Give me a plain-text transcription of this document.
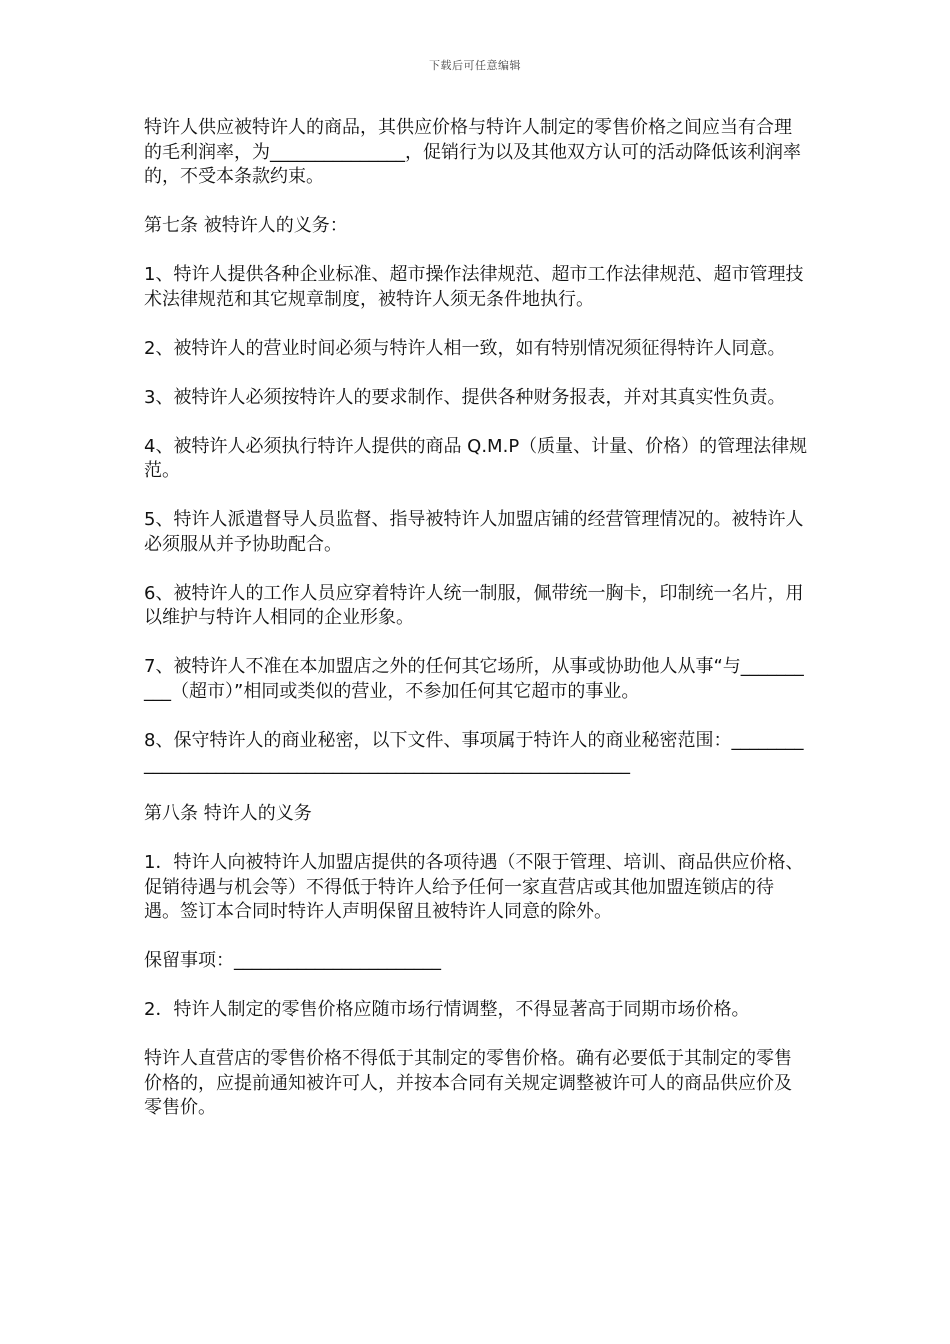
下载后可任意编辑

特许人供应被特许人的商品，其供应价格与特许人制定的零售价格之间应当有合理的毛利润率，为_______________，促销行为以及其他双方认可的活动降低该利润率的，不受本条款约束。

第七条 被特许人的义务：

1、特许人提供各种企业标准、超市操作法律规范、超市工作法律规范、超市管理技术法律规范和其它规章制度，被特许人须无条件地执行。

2、被特许人的营业时间必须与特许人相一致，如有特别情况须征得特许人同意。

3、被特许人必须按特许人的要求制作、提供各种财务报表，并对其真实性负责。

4、被特许人必须执行特许人提供的商品 Q.M.P（质量、计量、价格）的管理法律规范。

5、特许人派遣督导人员监督、指导被特许人加盟店铺的经营管理情况的。被特许人必须服从并予协助配合。

6、被特许人的工作人员应穿着特许人统一制服，佩带统一胸卡，印制统一名片，用以维护与特许人相同的企业形象。

7、被特许人不准在本加盟店之外的任何其它场所，从事或协助他人从事“与__________（超市）”相同或类似的营业，不参加任何其它超市的事业。

8、保守特许人的商业秘密，以下文件、事项属于特许人的商业秘密范围：______________________________________________________________

第八条 特许人的义务

1．特许人向被特许人加盟店提供的各项待遇（不限于管理、培训、商品供应价格、促销待遇与机会等）不得低于特许人给予任何一家直营店或其他加盟连锁店的待遇。签订本合同时特许人声明保留且被特许人同意的除外。

保留事项：_______________________

2．特许人制定的零售价格应随市场行情调整，不得显著高于同期市场价格。

特许人直营店的零售价格不得低于其制定的零售价格。确有必要低于其制定的零售价格的，应提前通知被许可人，并按本合同有关规定调整被许可人的商品供应价及零售价。
